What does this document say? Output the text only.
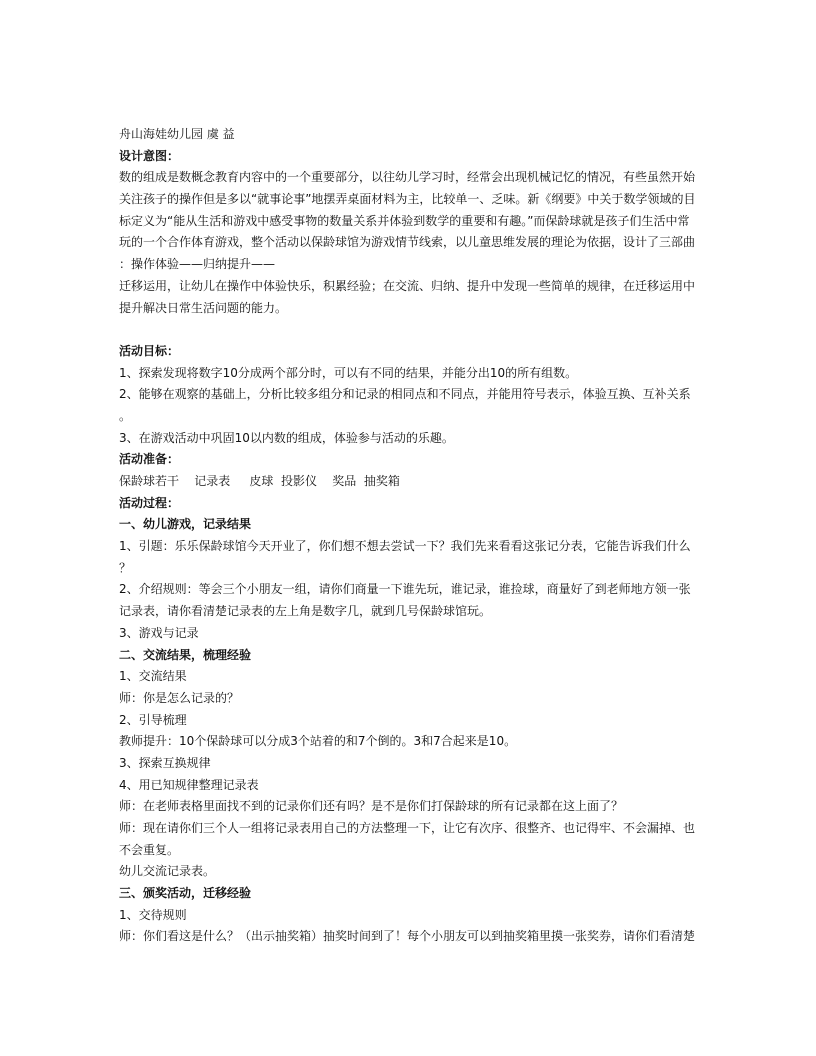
舟山海娃幼儿园 虞 益
设计意图：
数的组成是数概念教育内容中的一个重要部分，以往幼儿学习时，经常会出现机械记忆的情况，有些虽然开始
关注孩子的操作但是多以“就事论事”地摆弄桌面材料为主，比较单一、乏味。新《纲要》中关于数学领域的目
标定义为“能从生活和游戏中感受事物的数量关系并体验到数学的重要和有趣。”而保龄球就是孩子们生活中常
玩的一个合作体育游戏，整个活动以保龄球馆为游戏情节线索，以儿童思维发展的理论为依据，设计了三部曲
：操作体验——归纳提升——
迁移运用，让幼儿在操作中体验快乐，积累经验；在交流、归纳、提升中发现一些简单的规律，在迁移运用中
提升解决日常生活问题的能力。
活动目标：
1、探索发现将数字10分成两个部分时，可以有不同的结果，并能分出10的所有组数。
2、能够在观察的基础上，分析比较多组分和记录的相同点和不同点，并能用符号表示，体验互换、互补关系
。
3、在游戏活动中巩固10以内数的组成，体验参与活动的乐趣。
活动准备：
保龄球若干    记录表     皮球  投影仪    奖品  抽奖箱
活动过程：
一、幼儿游戏，记录结果
1、引题：乐乐保龄球馆今天开业了，你们想不想去尝试一下？我们先来看看这张记分表，它能告诉我们什么
？
2、介绍规则：等会三个小朋友一组，请你们商量一下谁先玩，谁记录，谁捡球，商量好了到老师地方领一张
记录表，请你看清楚记录表的左上角是数字几，就到几号保龄球馆玩。
3、游戏与记录
二、交流结果，梳理经验
1、交流结果
师：你是怎么记录的？
2、引导梳理
教师提升：10个保龄球可以分成3个站着的和7个倒的。3和7合起来是10。
3、探索互换规律
4、用已知规律整理记录表
师：在老师表格里面找不到的记录你们还有吗？是不是你们打保龄球的所有记录都在这上面了？
师：现在请你们三个人一组将记录表用自己的方法整理一下，让它有次序、很整齐、也记得牢、不会漏掉、也
不会重复。
幼儿交流记录表。
三、颁奖活动，迁移经验
1、交待规则
师：你们看这是什么？（出示抽奖箱）抽奖时间到了！每个小朋友可以到抽奖箱里摸一张奖券，请你们看清楚
